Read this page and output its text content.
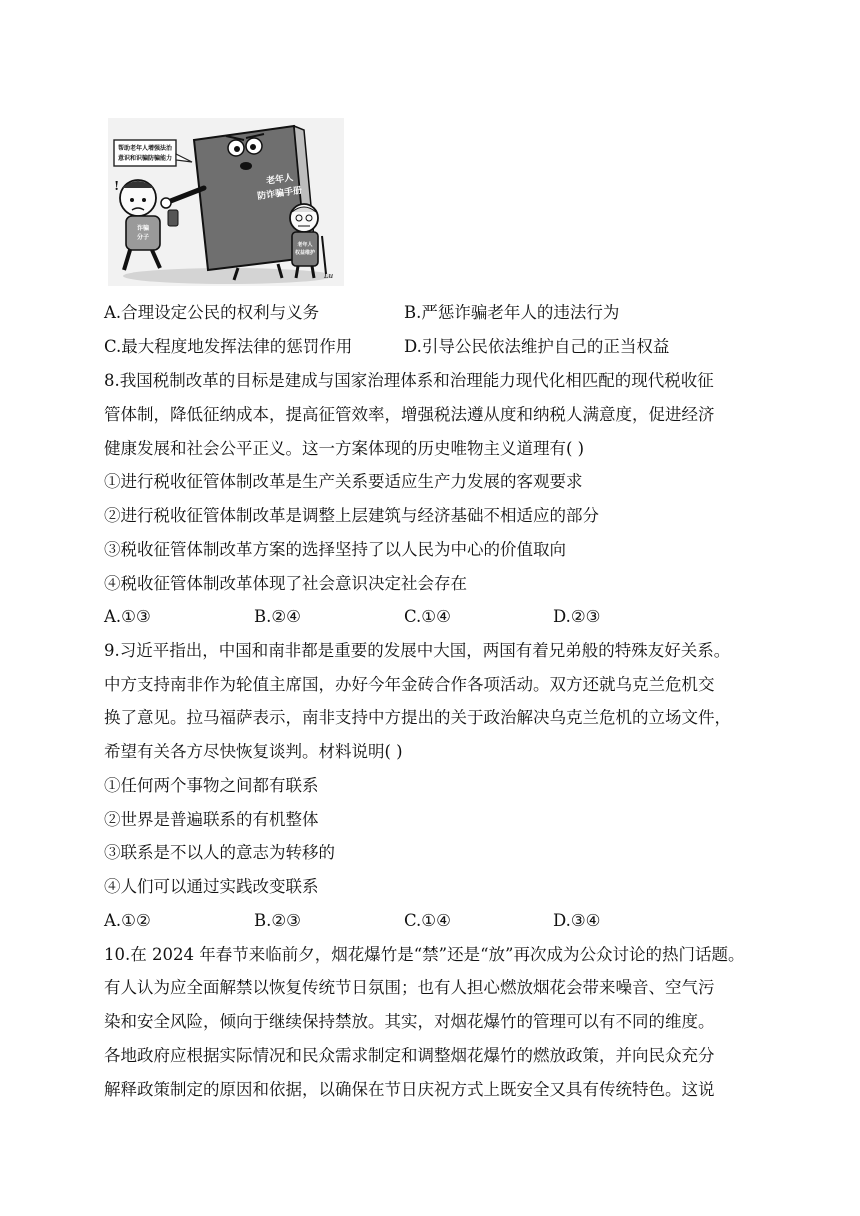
帮助老年人增强法治
意识和识骗防骗能力
老年人
防诈骗手册
诈骗
分子
!
老年人
权益维护
Lu
A.合理设定公民的权利与义务	B.严惩诈骗老年人的违法行为
C.最大程度地发挥法律的惩罚作用	D.引导公民依法维护自己的正当权益
8.我国税制改革的目标是建成与国家治理体系和治理能力现代化相匹配的现代税收征
管体制，降低征纳成本，提高征管效率，增强税法遵从度和纳税人满意度，促进经济
健康发展和社会公平正义。这一方案体现的历史唯物主义道理有( )
①进行税收征管体制改革是生产关系要适应生产力发展的客观要求
②进行税收征管体制改革是调整上层建筑与经济基础不相适应的部分
③税收征管体制改革方案的选择坚持了以人民为中心的价值取向
④税收征管体制改革体现了社会意识决定社会存在
A.①③	B.②④	C.①④	D.②③
9.习近平指出，中国和南非都是重要的发展中大国，两国有着兄弟般的特殊友好关系。
中方支持南非作为轮值主席国，办好今年金砖合作各项活动。双方还就乌克兰危机交
换了意见。拉马福萨表示，南非支持中方提出的关于政治解决乌克兰危机的立场文件，
希望有关各方尽快恢复谈判。材料说明( )
①任何两个事物之间都有联系
②世界是普遍联系的有机整体
③联系是不以人的意志为转移的
④人们可以通过实践改变联系
A.①②	B.②③	C.①④	D.③④
10.在 2024 年春节来临前夕，烟花爆竹是“禁”还是“放”再次成为公众讨论的热门话题。
有人认为应全面解禁以恢复传统节日氛围；也有人担心燃放烟花会带来噪音、空气污
染和安全风险，倾向于继续保持禁放。其实，对烟花爆竹的管理可以有不同的维度。
各地政府应根据实际情况和民众需求制定和调整烟花爆竹的燃放政策，并向民众充分
解释政策制定的原因和依据，以确保在节日庆祝方式上既安全又具有传统特色。这说
